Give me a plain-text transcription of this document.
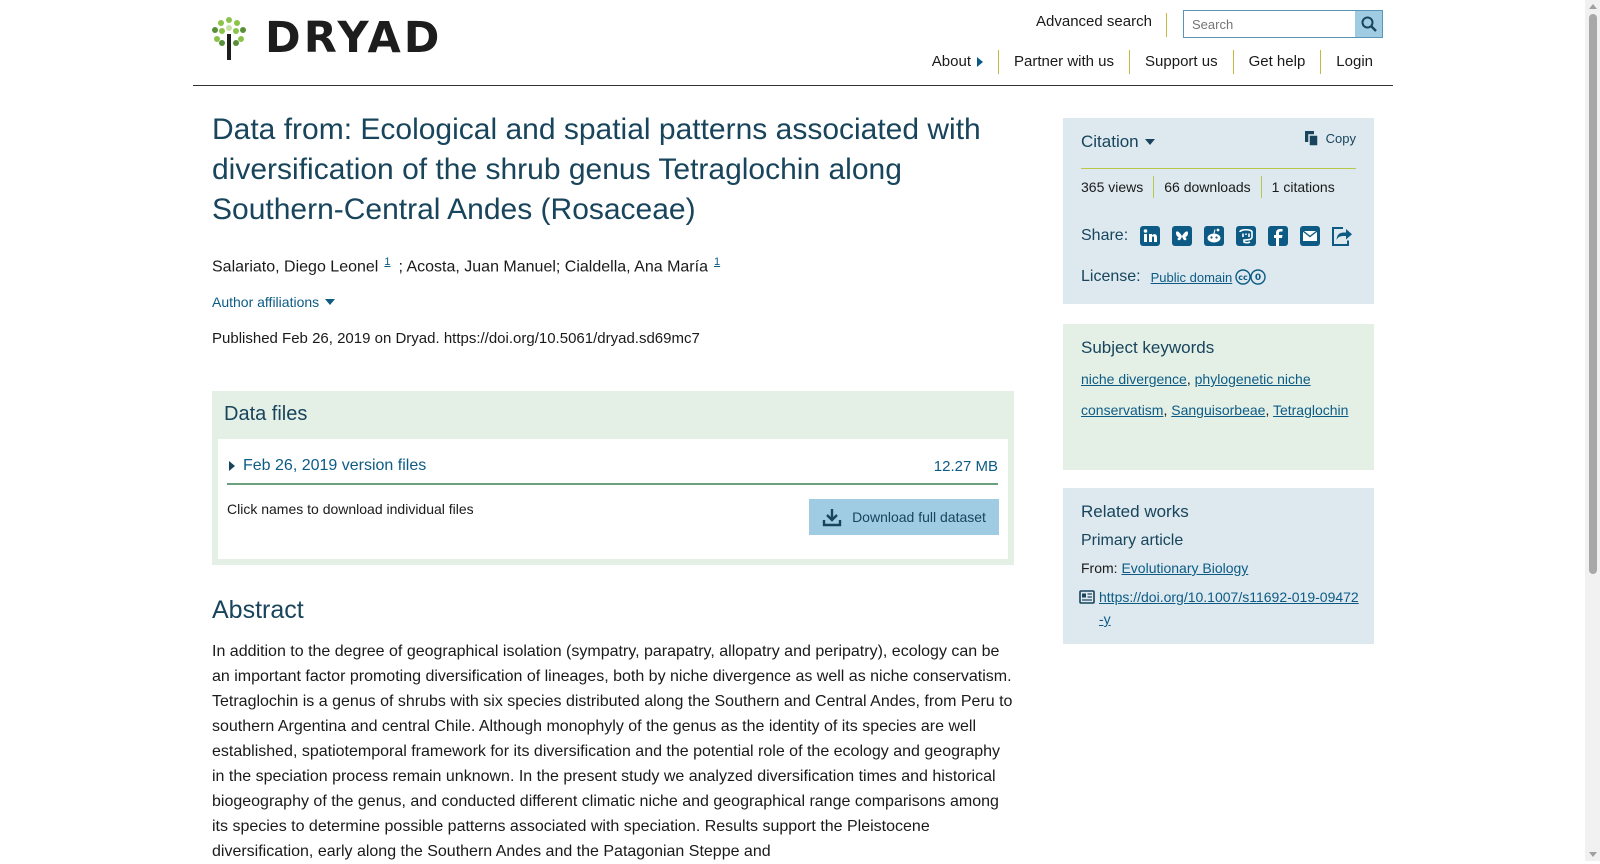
DRYAD	Advanced search
Search
About	Partner with us Support us Get help Login
Data from: Ecological and spatial patterns associated with diversification of the shrub genus Tetraglochin along Southern-Central Andes (Rosaceae)
Salariato, Diego Leonel $^1$ ; Acosta, Juan Manuel; Cialdella, Ana María $^1$
Author affiliations
Published Feb 26, 2019 on Dryad. https://doi.org/10.5061/dryad.sd69mc7
Data files
Feb 26, 2019 version files	12.27 MB
Click names to download individual files	Download full dataset
Abstract

In addition to the degree of geographical isolation (sympatry, parapatry, allopatry and peripatry), ecology can be an important factor promoting diversification of lineages, both by niche divergence as well as niche conservatism. Tetraglochin is a genus of shrubs with six species distributed along the Southern and Central Andes, from Peru to southern Argentina and central Chile. Although monophyly of the genus as the identity of its species are well established, spatiotemporal framework for its diversification and the potential role of the ecology and geography in the speciation process remain unknown. In the present study we analyzed diversification times and historical biogeography of the genus, and conducted different climatic niche and geographical range comparisons among its species to determine possible patterns associated with speciation. Results support the Pleistocene diversification, early along the Southern Andes and the Patagonian Steppe and

Citation	Copy
365 views	66 downloads	1 citations
Share:
License: Public domain cc 0
Subject keywords
niche divergence, phylogenetic niche conservatism, Sanguisorbeae, Tetraglochin
Related works
Primary article
From: Evolutionary Biology
https://doi.org/10.1007/s11692-019-09472-y
